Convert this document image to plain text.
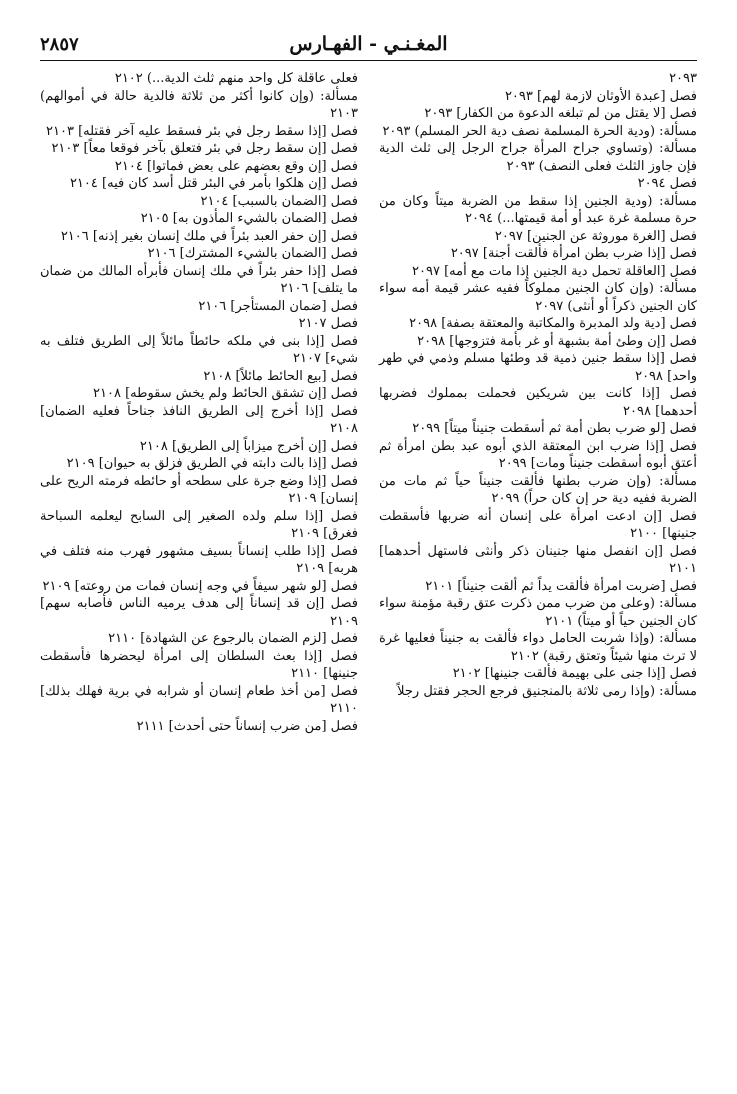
المغـنـي - الفهـارس
٢٨٥٧

٢٠٩٣

فصل [عبدة الأوثان لازمة لهم] ٢٠٩٣

فصل [لا يقتل من لم تبلغه الدعوة من الكفار] ٢٠٩٣

مسألة: (ودية الحرة المسلمة نصف دية الحر المسلم) ٢٠٩٣

مسألة: (وتساوي جراح المرأة جراح الرجل إلى ثلث الدية فإن جاوز الثلث فعلى النصف) ٢٠٩٣

فصل ٢٠٩٤

مسألة: (ودية الجنين إذا سقط من الضربة ميتاً وكان من حرة مسلمة غرة عبد أو أمة قيمتها...) ٢٠٩٤

فصل [الغرة موروثة عن الجنين] ٢٠٩٧

فصل [إذا ضرب بطن امرأة فألقت أجنة] ٢٠٩٧

فصل [العاقلة تحمل دية الجنين إذا مات مع أمه] ٢٠٩٧

مسألة: (وإن كان الجنين مملوكاً ففيه عشر قيمة أمه سواء كان الجنين ذكراً أو أنثى) ٢٠٩٧

فصل [دية ولد المدبرة والمكاتبة والمعتقة بصفة] ٢٠٩٨

فصل [إن وطئ أمة بشبهة أو غر بأمة فتزوجها] ٢٠٩٨

فصل [إذا سقط جنين ذمية قد وطئها مسلم وذمي في طهر واحد] ٢٠٩٨

فصل [إذا كانت بين شريكين فحملت بمملوك فضربها أحدهما] ٢٠٩٨

فصل [لو ضرب بطن أمة ثم أسقطت جنيناً ميتاً] ٢٠٩٩

فصل [إذا ضرب ابن المعتقة الذي أبوه عبد بطن امرأة ثم أعتق أبوه أسقطت جنيناً ومات] ٢٠٩٩

مسألة: (وإن ضرب بطنها فألقت جنيناً حياً ثم مات من الضربة ففيه دية حر إن كان حراً) ٢٠٩٩

فصل [إن ادعت امرأة على إنسان أنه ضربها فأسقطت جنينها] ٢١٠٠

فصل [إن انفصل منها جنينان ذكر وأنثى فاستهل أحدهما] ٢١٠١

فصل [ضربت امرأة فألقت يداً ثم ألقت جنيناً] ٢١٠١

مسألة: (وعلى من ضرب ممن ذكرت عتق رقبة مؤمنة سواء كان الجنين حياً أو ميتاً) ٢١٠١

مسألة: (وإذا شربت الحامل دواء فألقت به جنيناً فعليها غرة لا ترث منها شيئاً وتعتق رقبة) ٢١٠٢

فصل [إذا جنى على بهيمة فألقت جنينها] ٢١٠٢

مسألة: (وإذا رمى ثلاثة بالمنجنيق فرجع الحجر فقتل رجلاً

فعلى عاقلة كل واحد منهم ثلث الدية...) ٢١٠٢

مسألة: (وإن كانوا أكثر من ثلاثة فالدية حالة في أموالهم) ٢١٠٣

فصل [إذا سقط رجل في بئر فسقط عليه آخر فقتله] ٢١٠٣

فصل [إن سقط رجل في بئر فتعلق بآخر فوقعا معاً] ٢١٠٣

فصل [إن وقع بعضهم على بعض فماتوا] ٢١٠٤

فصل [إن هلكوا بأمر في البئر قتل أسد كان فيه] ٢١٠٤

فصل [الضمان بالسبب] ٢١٠٤

فصل [الضمان بالشيء المأذون به] ٢١٠٥

فصل [إن حفر العبد بئراً في ملك إنسان بغير إذنه] ٢١٠٦

فصل [الضمان بالشيء المشترك] ٢١٠٦

فصل [إذا حفر بئراً في ملك إنسان فأبرأه المالك من ضمان ما يتلف] ٢١٠٦

فصل [ضمان المستأجر] ٢١٠٦

فصل ٢١٠٧

فصل [إذا بنى في ملكه حائطاً مائلاً إلى الطريق فتلف به شيء] ٢١٠٧

فصل [بيع الحائط مائلاً] ٢١٠٨

فصل [إن تشقق الحائط ولم يخش سقوطه] ٢١٠٨

فصل [إذا أخرج إلى الطريق النافذ جناحاً فعليه الضمان] ٢١٠٨

فصل [إن أخرج ميزاباً إلى الطريق] ٢١٠٨

فصل [إذا بالت دابته في الطريق فزلق به حيوان] ٢١٠٩

فصل [إذا وضع جرة على سطحه أو حائطه فرمته الريح على إنسان] ٢١٠٩

فصل [إذا سلم ولده الصغير إلى السابح ليعلمه السباحة فغرق] ٢١٠٩

فصل [إذا طلب إنساناً بسيف مشهور فهرب منه فتلف في هربه] ٢١٠٩

فصل [لو شهر سيفاً في وجه إنسان فمات من روعته] ٢١٠٩

فصل [إن قد إنساناً إلى هدف يرميه الناس فأصابه سهم] ٢١٠٩

فصل [لزم الضمان بالرجوع عن الشهادة] ٢١١٠

فصل [إذا بعث السلطان إلى امرأة ليحضرها فأسقطت جنينها] ٢١١٠

فصل [من أخذ طعام إنسان أو شرابه في برية فهلك بذلك] ٢١١٠

فصل [من ضرب إنساناً حتى أحدث] ٢١١١
